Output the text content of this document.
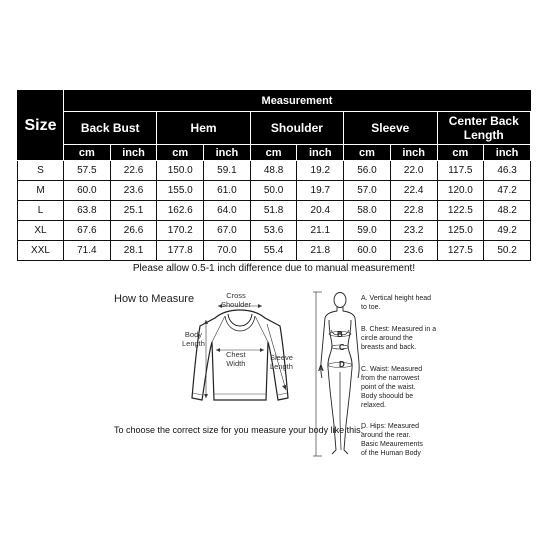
Size	Measurement									
	Back Bust		Hem		Shoulder		Sleeve		Center Back Length	
	cm	inch	cm	inch	cm	inch	cm	inch	cm	inch
S	57.5	22.6	150.0	59.1	48.8	19.2	56.0	22.0	117.5	46.3
M	60.0	23.6	155.0	61.0	50.0	19.7	57.0	22.4	120.0	47.2
L	63.8	25.1	162.6	64.0	51.8	20.4	58.0	22.8	122.5	48.2
XL	67.6	26.6	170.2	67.0	53.6	21.1	59.0	23.2	125.0	49.2
XXL	71.4	28.1	177.8	70.0	55.4	21.8	60.0	23.6	127.5	50.2
Please allow 0.5-1 inch difference due to manual measurement!										
How to Measure	Cross
Shoulder
Body
Length
Chest
Width
Sleeve
Length
To choose the correct size for you measure your body like this:
A
B
C
D
A. Vertical height head
to toe.
B. Chest: Measured in a
circle around the
breasts and back.
C. Waist: Measured
from the narrowest
point of the waist.
Body shoould be
relaxed.
D. Hips: Measured
around the rear.
Basic Meaurements
of the Human Body
